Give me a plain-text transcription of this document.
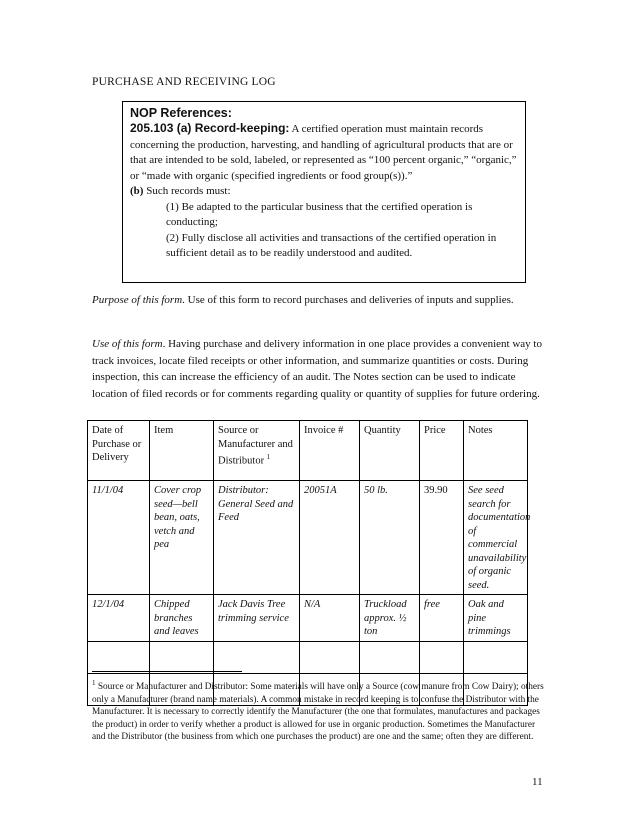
PURCHASE AND RECEIVING LOG
NOP References:
205.103 (a) Record-keeping: A certified operation must maintain records concerning the production, harvesting, and handling of agricultural products that are or that are intended to be sold, labeled, or represented as “100 percent organic,” “organic,” or “made with organic (specified ingredients or food group(s)).”
(b) Such records must:
(1) Be adapted to the particular business that the certified operation is conducting;
(2) Fully disclose all activities and transactions of the certified operation in sufficient detail as to be readily understood and audited.
Purpose of this form. Use of this form to record purchases and deliveries of inputs and supplies.
Use of this form. Having purchase and delivery information in one place provides a convenient way to track invoices, locate filed receipts or other information, and summarize quantities or costs. During inspection, this can increase the efficiency of an audit. The Notes section can be used to indicate location of filed records or for comments regarding quality or quantity of supplies for future ordering.
Date of Purchase or Delivery	Item	Source or Manufacturer and Distributor $^1$	Invoice #	Quantity	Price	Notes
11/1/04	Cover crop seed—bell bean, oats, vetch and pea	Distributor: General Seed and Feed	20051A	50 lb.	39.90	See seed search for documentation of commercial unavailability of organic seed.
12/1/04	Chipped branches and leaves	Jack Davis Tree trimming service	N/A	Truckload approx. ½ ton	free	Oak and pine trimmings

$^1$ Source or Manufacturer and Distributor: Some materials will have only a Source (cow manure from Cow Dairy); others only a Manufacturer (brand name materials). A common mistake in record keeping is to confuse the Distributor with the Manufacturer. It is necessary to correctly identify the Manufacturer (the one that formulates, manufactures and packages the product) in order to verify whether a product is allowed for use in organic production. Sometimes the Manufacturer and the Distributor (the business from which one purchases the product) are one and the same; often they are different.
11
